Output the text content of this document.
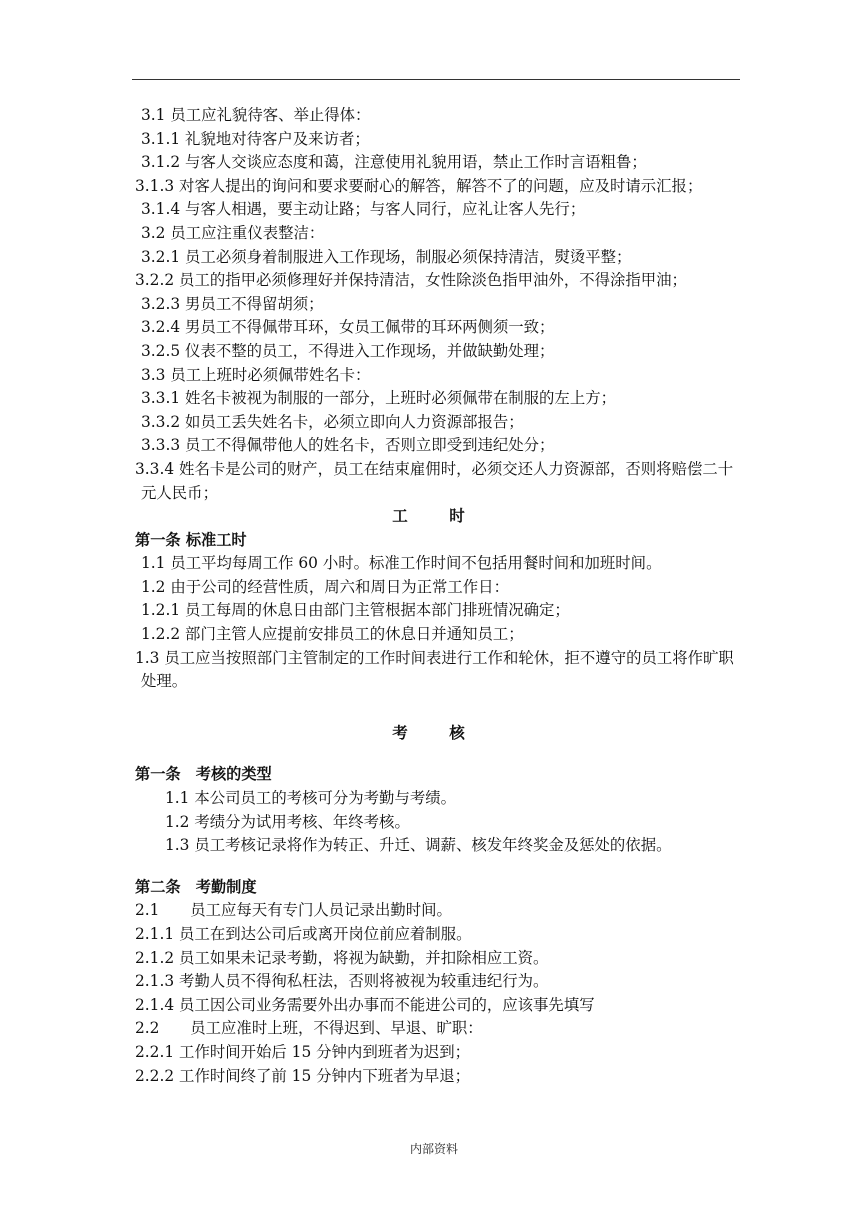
3.1 员工应礼貌待客、举止得体：
3.1.1 礼貌地对待客户及来访者；
3.1.2 与客人交谈应态度和蔼，注意使用礼貌用语，禁止工作时言语粗鲁；
3.1.3 对客人提出的询问和要求要耐心的解答，解答不了的问题，应及时请示汇报；
3.1.4 与客人相遇，要主动让路；与客人同行，应礼让客人先行；
3.2 员工应注重仪表整洁：
3.2.1 员工必须身着制服进入工作现场，制服必须保持清洁，熨烫平整；
3.2.2 员工的指甲必须修理好并保持清洁，女性除淡色指甲油外，不得涂指甲油；
3.2.3 男员工不得留胡须；
3.2.4 男员工不得佩带耳环，女员工佩带的耳环两侧须一致；
3.2.5 仪表不整的员工，不得进入工作现场，并做缺勤处理；
3.3 员工上班时必须佩带姓名卡：
3.3.1 姓名卡被视为制服的一部分，上班时必须佩带在制服的左上方；
3.3.2 如员工丢失姓名卡，必须立即向人力资源部报告；
3.3.3 员工不得佩带他人的姓名卡，否则立即受到违纪处分；
3.3.4 姓名卡是公司的财产，员工在结束雇佣时，必须交还人力资源部，否则将赔偿二十元人民币；
工 时
第一条 标准工时
1.1 员工平均每周工作 60 小时。标准工作时间不包括用餐时间和加班时间。
1.2 由于公司的经营性质，周六和周日为正常工作日：
1.2.1 员工每周的休息日由部门主管根据本部门排班情况确定；
1.2.2 部门主管人应提前安排员工的休息日并通知员工；
1.3 员工应当按照部门主管制定的工作时间表进行工作和轮休，拒不遵守的员工将作旷职处理。
考 核
第一条　考核的类型
1.1 本公司员工的考核可分为考勤与考绩。
1.2 考绩分为试用考核、年终考核。
1.3 员工考核记录将作为转正、升迁、调薪、核发年终奖金及惩处的依据。
第二条　考勤制度
2.1　　员工应每天有专门人员记录出勤时间。
2.1.1 员工在到达公司后或离开岗位前应着制服。
2.1.2 员工如果未记录考勤，将视为缺勤，并扣除相应工资。
2.1.3 考勤人员不得徇私枉法，否则将被视为较重违纪行为。
2.1.4 员工因公司业务需要外出办事而不能进公司的，应该事先填写
2.2　　员工应准时上班，不得迟到、早退、旷职：
2.2.1 工作时间开始后 15 分钟内到班者为迟到；
2.2.2 工作时间终了前 15 分钟内下班者为早退；
内部资料
